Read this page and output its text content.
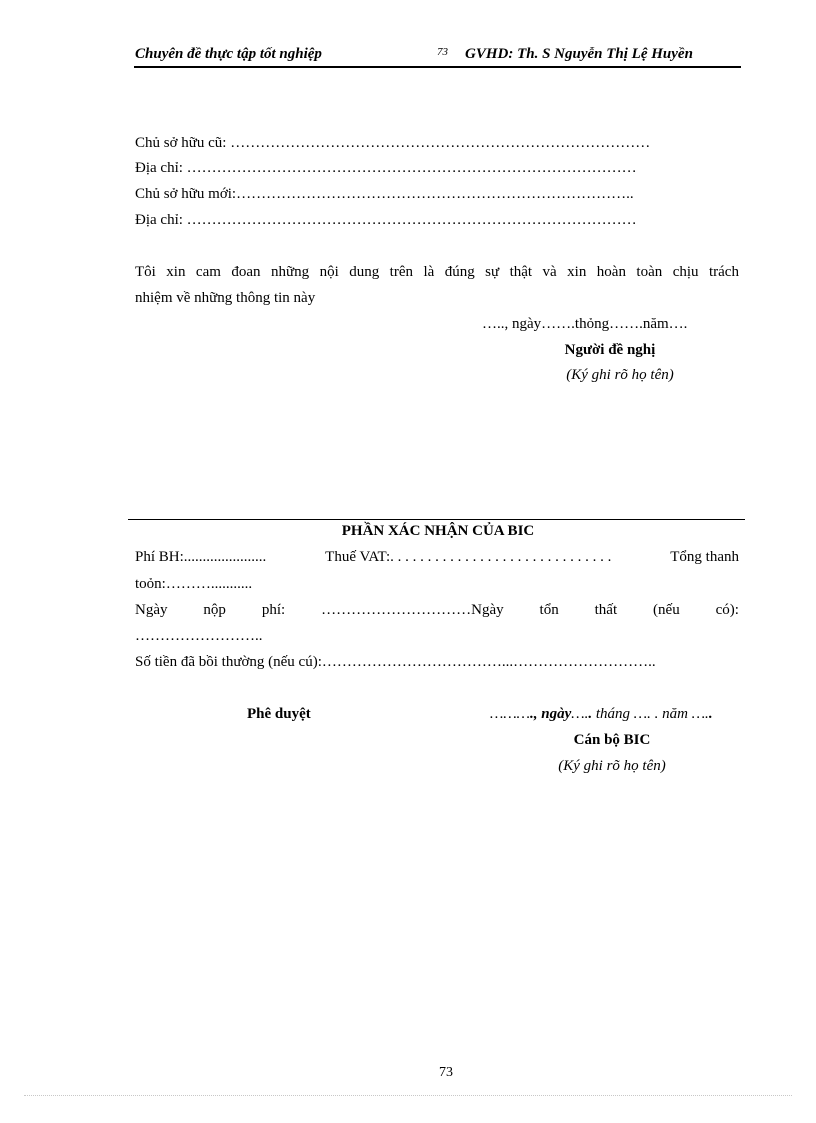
Chuyên đề thực tập tốt nghiệp	73 GVHD: Th. S Nguyễn Thị Lệ Huyền
Chủ sở hữu cũ: …………………………………………………………………………
Địa chỉ: ………………………………………………………………………………
Chủ sở hữu mới:……………………………………………………………………..
Địa chỉ: ………………………………………………………………………………
Tôi xin cam đoan những nội dung trên là đúng sự thật và xin hoàn toàn chịu trách
nhiệm về những thông tin này
….., ngày…….thỏng…….năm….
Người đề nghị
(Ký ghi rõ họ tên)
PHẦN XÁC NHẬN CỦA BIC
Phí BH:......................	Thuế VAT:. . . . . . . . . . . . . . . . . . . . . . . . . . . . . .	Tổng thanh
toỏn:………...........
Ngày nộp phí: …………………………Ngày tổn thất (nếu có):
……………………..
Số tiền đã bồi thường (nếu cú):………………………………...………………………..
Phê duyệt	………., ngày….. tháng …. . năm …..
Cán bộ BIC
(Ký ghi rõ họ tên)
73
